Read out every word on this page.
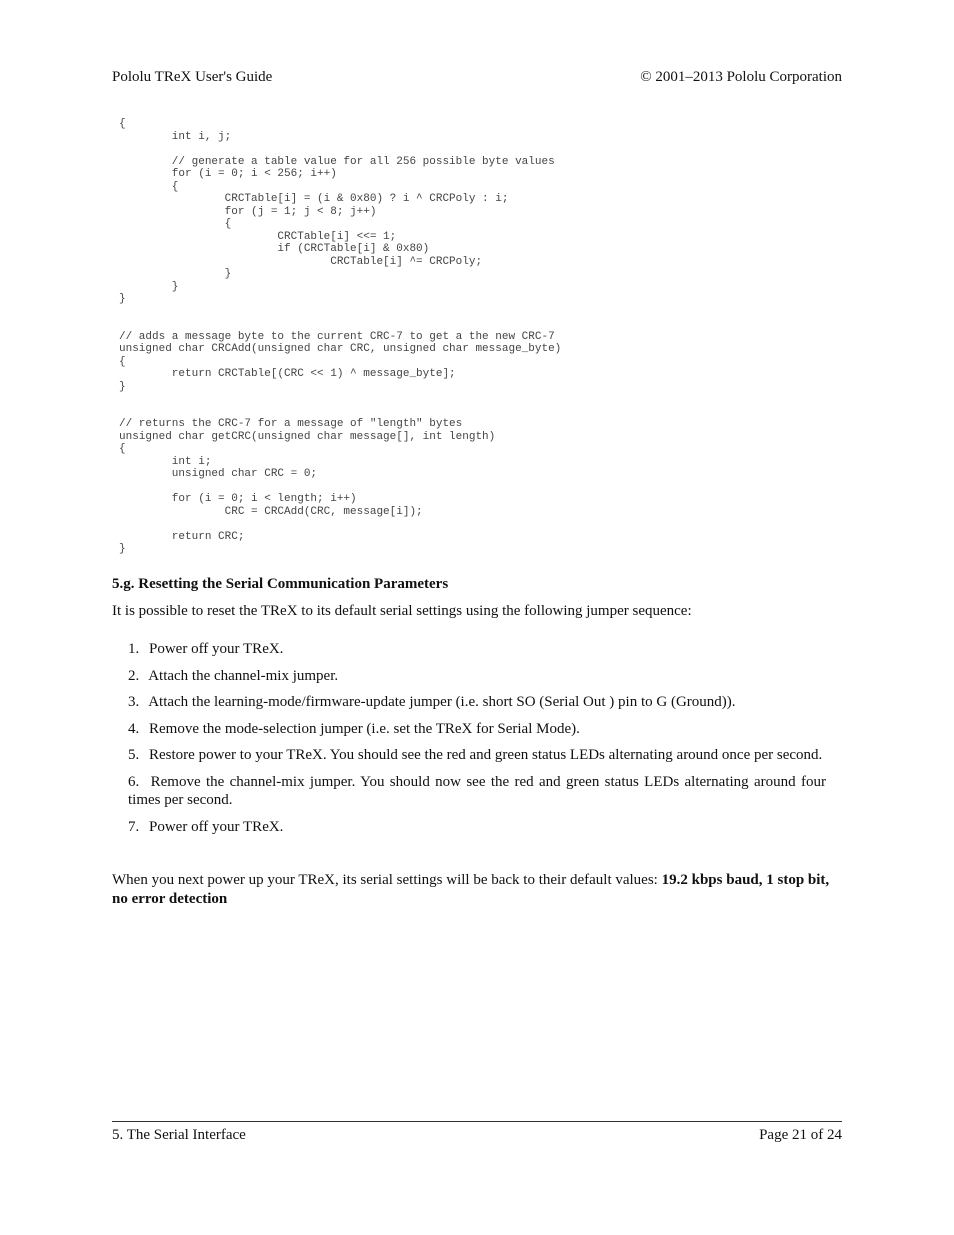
Pololu TReX User's Guide	© 2001–2013 Pololu Corporation
{
int i, j;
// generate a table value for all 256 possible byte values
for (i = 0; i < 256; i++)
{
CRCTable[i] = (i & 0x80) ? i ^ CRCPoly : i;
for (j = 1; j < 8; j++)
{
CRCTable[i] <<= 1;
if (CRCTable[i] & 0x80)
CRCTable[i] ^= CRCPoly;
}
}
}
// adds a message byte to the current CRC-7 to get a the new CRC-7
unsigned char CRCAdd(unsigned char CRC, unsigned char message_byte)
{
return CRCTable[(CRC << 1) ^ message_byte];
}
// returns the CRC-7 for a message of "length" bytes
unsigned char getCRC(unsigned char message[], int length)
{
int i;
unsigned char CRC = 0;
for (i = 0; i < length; i++)
CRC = CRCAdd(CRC, message[i]);
return CRC;
}
5.g. Resetting the Serial Communication Parameters

It is possible to reset the TReX to its default serial settings using the following jumper sequence:

1. Power off your TReX.
2. Attach the channel-mix jumper.
3. Attach the learning-mode/firmware-update jumper (i.e. short SO (Serial Out ) pin to G (Ground)).
4. Remove the mode-selection jumper (i.e. set the TReX for Serial Mode).
5. Restore power to your TReX. You should see the red and green status LEDs alternating around once per second.
6. Remove the channel-mix jumper. You should now see the red and green status LEDs alternating around four times per second.
7. Power off your TReX.

When you next power up your TReX, its serial settings will be back to their default values: 19.2 kbps baud, 1 stop bit, no error detection

5. The Serial Interface	Page 21 of 24
